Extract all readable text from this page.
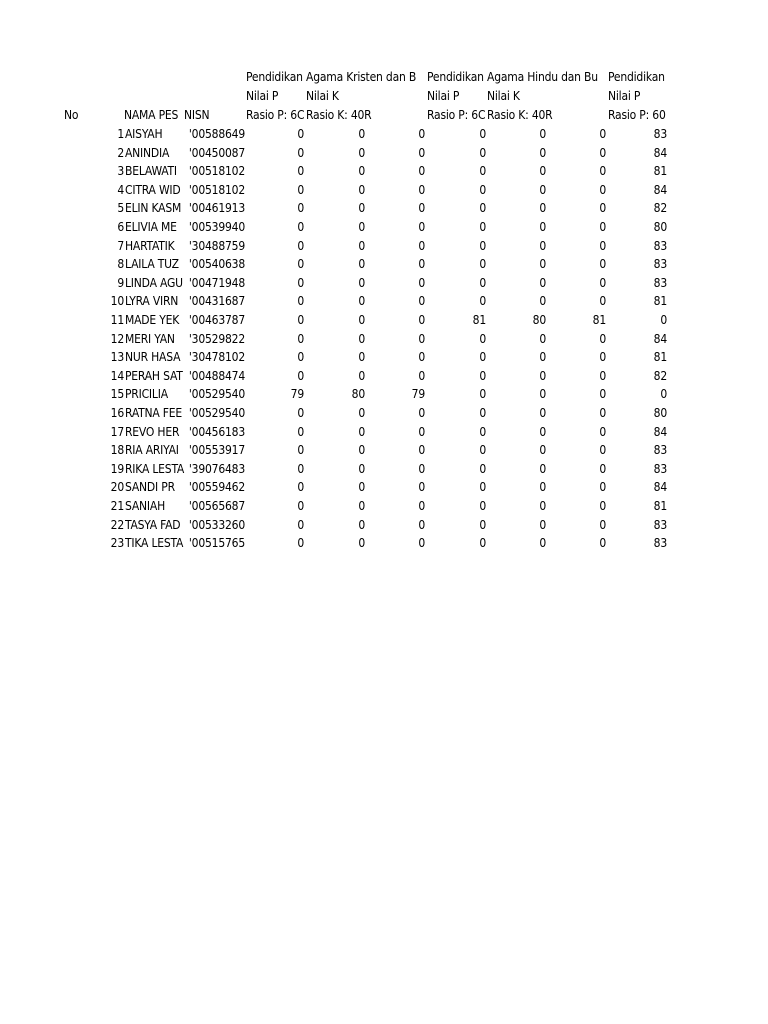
Pendidikan Agama Kristen dan B Pendidikan Agama Hindu dan Bu Pendidikan
Nilai P	Nilai K	Nilai P	Nilai K	Nilai P
No	NAMA PES NISN	Rasio P: 6C Rasio K: 40R	Rasio P: 6C Rasio K: 40R	Rasio P: 60
1 AISYAH	'00588649	0	0	0	0	0	0	83
2 ANINDIA	'00450087	0	0	0	0	0	0	84
3 BELAWATI	'00518102	0	0	0	0	0	0	81
4 CITRA WID '00518102	0	0	0	0	0	0	84
5 ELIN KASM '00461913	0	0	0	0	0	0	82
6 ELIVIA ME	'00539940	0	0	0	0	0	0	80
7 HARTATIK	'30488759	0	0	0	0	0	0	83
8 LAILA TUZ '00540638	0	0	0	0	0	0	83
9 LINDA AGU '00471948	0	0	0	0	0	0	83
10 LYRA VIRN '00431687	0	0	0	0	0	0	81
11 MADE YEK '00463787	0	0	0	81	80	81	0
12 MERI YAN	'30529822	0	0	0	0	0	0	84
13 NUR HASA '30478102	0	0	0	0	0	0	81
14 PERAH SAT '00488474	0	0	0	0	0	0	82
15 PRICILIA	'00529540	79	80	79	0	0	0	0
16 RATNA FEE '00529540	0	0	0	0	0	0	80
17 REVO HER '00456183	0	0	0	0	0	0	84
18 RIA ARIYAI '00553917	0	0	0	0	0	0	83
19 RIKA LESTA '39076483	0	0	0	0	0	0	83
20 SANDI PR	'00559462	0	0	0	0	0	0	84
21 SANIAH	'00565687	0	0	0	0	0	0	81
22 TASYA FAD '00533260	0	0	0	0	0	0	83
23 TIKA LESTA '00515765	0	0	0	0	0	0	83
